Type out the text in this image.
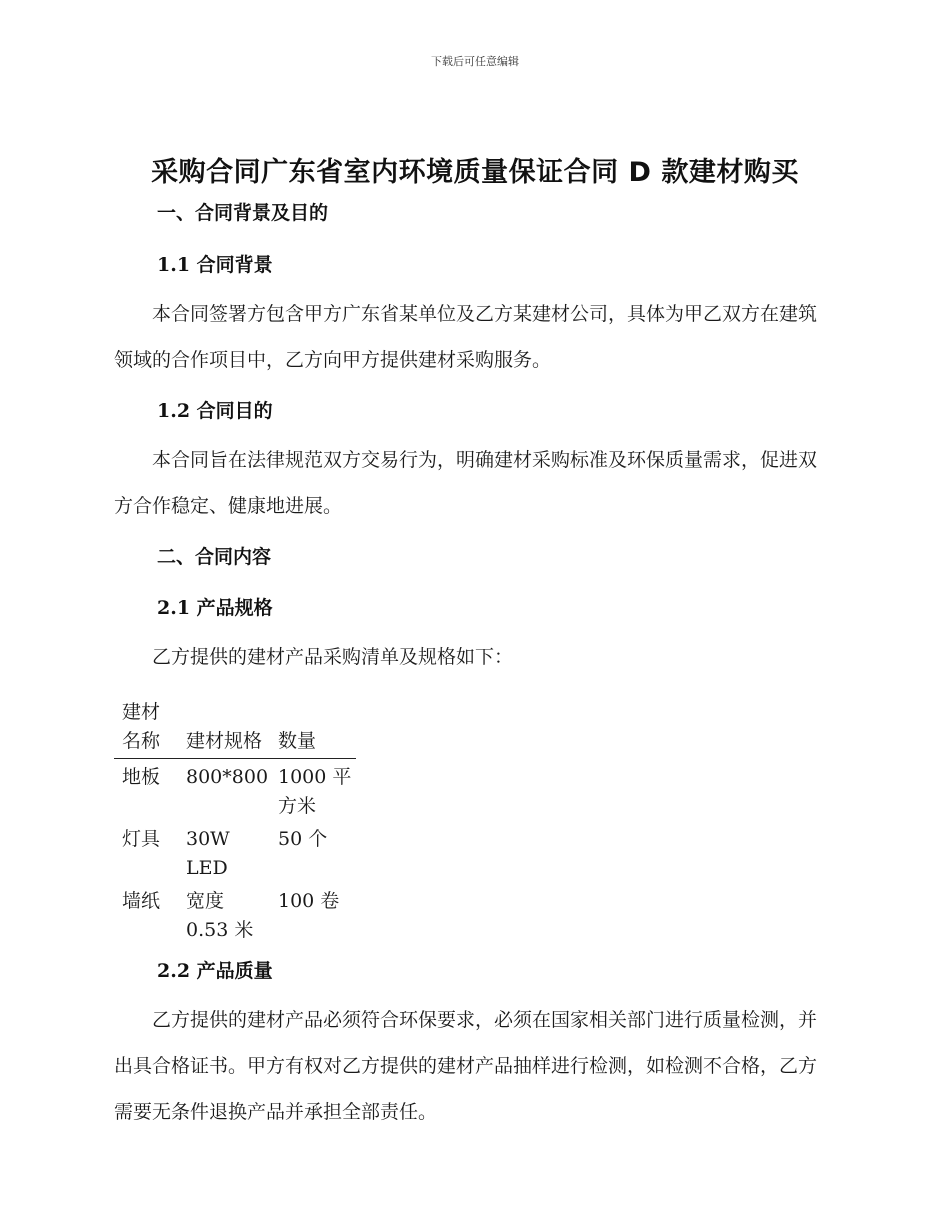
下载后可任意编辑
采购合同广东省室内环境质量保证合同 D 款建材购买
一、合同背景及目的
1.1 合同背景
本合同签署方包含甲方广东省某单位及乙方某建材公司，具体为甲乙双方在建筑领域的合作项目中，乙方向甲方提供建材采购服务。
1.2 合同目的
本合同旨在法律规范双方交易行为，明确建材采购标准及环保质量需求，促进双方合作稳定、健康地进展。
二、合同内容
2.1 产品规格
乙方提供的建材产品采购清单及规格如下：
建材名称	建材规格	数量
地板	800*800	1000 平方米
灯具	30W LED	50 个
墙纸	宽度 0.53 米	100 卷
2.2 产品质量
乙方提供的建材产品必须符合环保要求，必须在国家相关部门进行质量检测，并出具合格证书。甲方有权对乙方提供的建材产品抽样进行检测，如检测不合格，乙方需要无条件退换产品并承担全部责任。
